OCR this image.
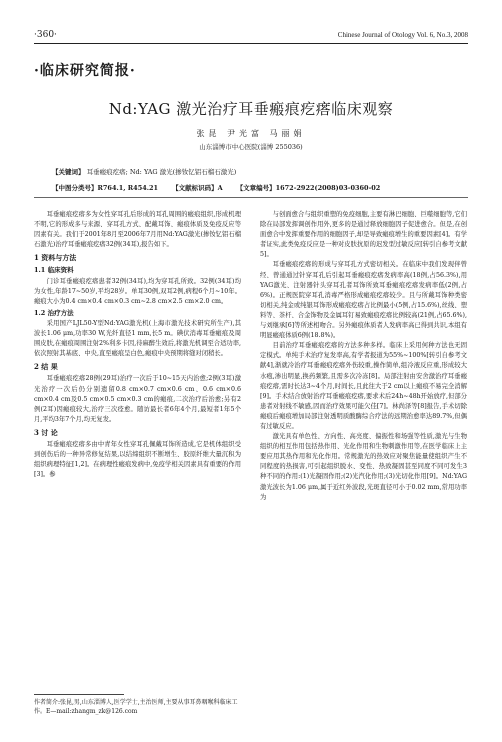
·360·	Chinese Journal of Otology Vol. 6, No.3, 2008
·临床研究简报·
Nd:YAG 激光治疗耳垂瘢痕疙瘩临床观察
张昆 尹光富 马丽娟
山东淄博市中心医院(淄博 255036)
【关键词】 耳垂瘢痕疙瘩; Nd: YAG 激光(掺钕钇铝石榴石激光)
【中图分类号】R764.1, R454.21 【文献标识码】A 【文章编号】1672-2922(2008)03-0360-02

耳垂瘢痕疙瘩多为女性穿耳孔后形成的耳孔周围的瘢痕组织,形成机理不明,它的形成多与来源、穿耳孔方式、配戴耳饰、瘢痕体质及免疫反应等因素有关。我们于2001年8月至2006年7月用Nd:YAG激光(掺钕钇铝石榴石激光)治疗耳垂瘢痕疙瘩32例(34耳),报告如下。

1 资料与方法
1.1 临床资料

门诊耳垂瘢痕疙瘩患者32例(34耳),均为穿耳孔所致。32例(34耳)均为女性,年龄17~50岁,平均28岁。单耳30例,双耳2例,病程6个月~10年。瘢痕大小为0.4 cm×0.4 cm×0.3 cm~2.8 cm×2.5 cm×2.0 cm。

1.2 治疗方法

采用国产LJL50-Y型Nd:YAG激光机(上海市激光技术研究所生产),其波长1.06 μm,功率30 W,光纤直径1 mm,长5 m。碘伏消毒耳垂瘢痕及周围皮肤,在瘢痕周围注射2%利多卡因,待麻醉生效后,将激光机调至合适功率,依次照射其基底、中央,直至瘢痕呈白色,瘢痕中央预期将缝对闭稍长。

2 结 果

耳垂瘢痕疙瘩28例(29耳)治疗一次后于10~15天内治愈;2例(3耳)激光治疗一次后仍分别遗留0.8 cm×0.7 cm×0.6 cm、0.6 cm×0.6 cm×0.4 cm及0.5 cm×0.5 cm×0.3 cm的瘢痕,二次治疗后治愈;另有2例(2耳)因瘢痕较大,治疗三次痊愈。随访最长者6年4个月,最短者1年5个月,平均3年7个月,均无复发。

3 讨 论

耳垂瘢痕疙瘩多由中青年女性穿耳孔佩戴耳饰所造成,它是机体组织受到创伤后的一种异常修复结果,以结缔组织不断增生、胶原纤维大量沉积为组织病理特征[1,2]。在病理性瘢痕发病中,免疫学相关因素具有重要的作用[3]。参

作者简介:张昆,男,山东淄博人,医学学士,主治医师,主要从事耳鼻咽喉科临床工作。E—mail:zhangm_zk@126.com

与创面愈合与组织重塑的免疫细胞,主要有淋巴细胞、巨噬细胞等,它们除在局部发挥调创作用外,更多的是通过释放细胞因子促进愈合。但是,在创面愈合中发挥重要作用的细胞因子,却是导致瘢痕增生的重要因素[4]。有学者证实,此类免疫反应是一种对皮肤抗原的迟发型过敏反应[转引自参考文献5]。

耳垂瘢痕疙瘩的形成与穿耳孔方式密切相关。在临床中我们发现伴曾经、曾通通过针穿耳孔后引起耳垂瘢痕疙瘩发病率高(18例,占56.3%),用YAG激光、注射器针头穿耳孔者耳饰所致耳垂瘢痕疙瘩发病率低(2例,占6%)。正规医院穿耳孔消毒严格形成瘢痕疙瘩较少。且与所戴耳饰种类密切相关,纯金或纯银耳饰形成瘢痕疙瘩占比例最小(5例,占15.6%),丝线、塑料等、茶杆、合金饰物及金属耳钉易致瘢痕疙瘩比例较高(21例,占65.6%),与刘继承[6]等所述相吻合。另外瘢痕体质者人发病率高已得到共识,本组有明显瘢痕体质6例(18.8%)。

目前治疗耳垂瘢痕疙瘩的方法多种多样。临床上采用何种方法也无固定模式。单纯手术治疗复发率高,有学者报道为55%~100%[转引自参考文献4],渐就冷治疗耳垂瘢痕疙瘩外伤较重,操作简单,组冷液反应重,形成较大水疱,渗出明显,换药频繁,且需多次冷冻[8]。局部注射由安舍激治疗耳垂瘢痕疙瘩,需时长达3~4个月,时间长,且此往大于2 cm以上瘢痕不易完全消解[9]。手术结合放射治疗耳垂瘢痕疙瘩,要求术后24h~48h开始放疗,但部分患者对射线不敏感,因而治疗效果可能欠佳[7]。林尚泽等[8]报告,手术切除瘢痕后瘢痕增加局部注射透明质酸酶综合疗法的远期治愈率达89.7%,但偶有过敏反应。

激光具有单色性、方向性、高亮度、偏振性和场强等性质,激光与生物组织的相互作用包括热作用、光化作用和生物刺激作用等,在医学临床上主要应用其热作用和光化作用。常规激光的热效应对聚焦能量使组织产生不同程度的热损害,可引起组织脱水、变性、热致凝固甚至同度不同可发生3种不同的作用:(1)光凝固作用;(2)光汽化作用;(3)光切化作用[9]。Nd:YAG激光波长为1.06 μm,属于近红外波段,光斑直径可小于0.02 mm,常用功率为
